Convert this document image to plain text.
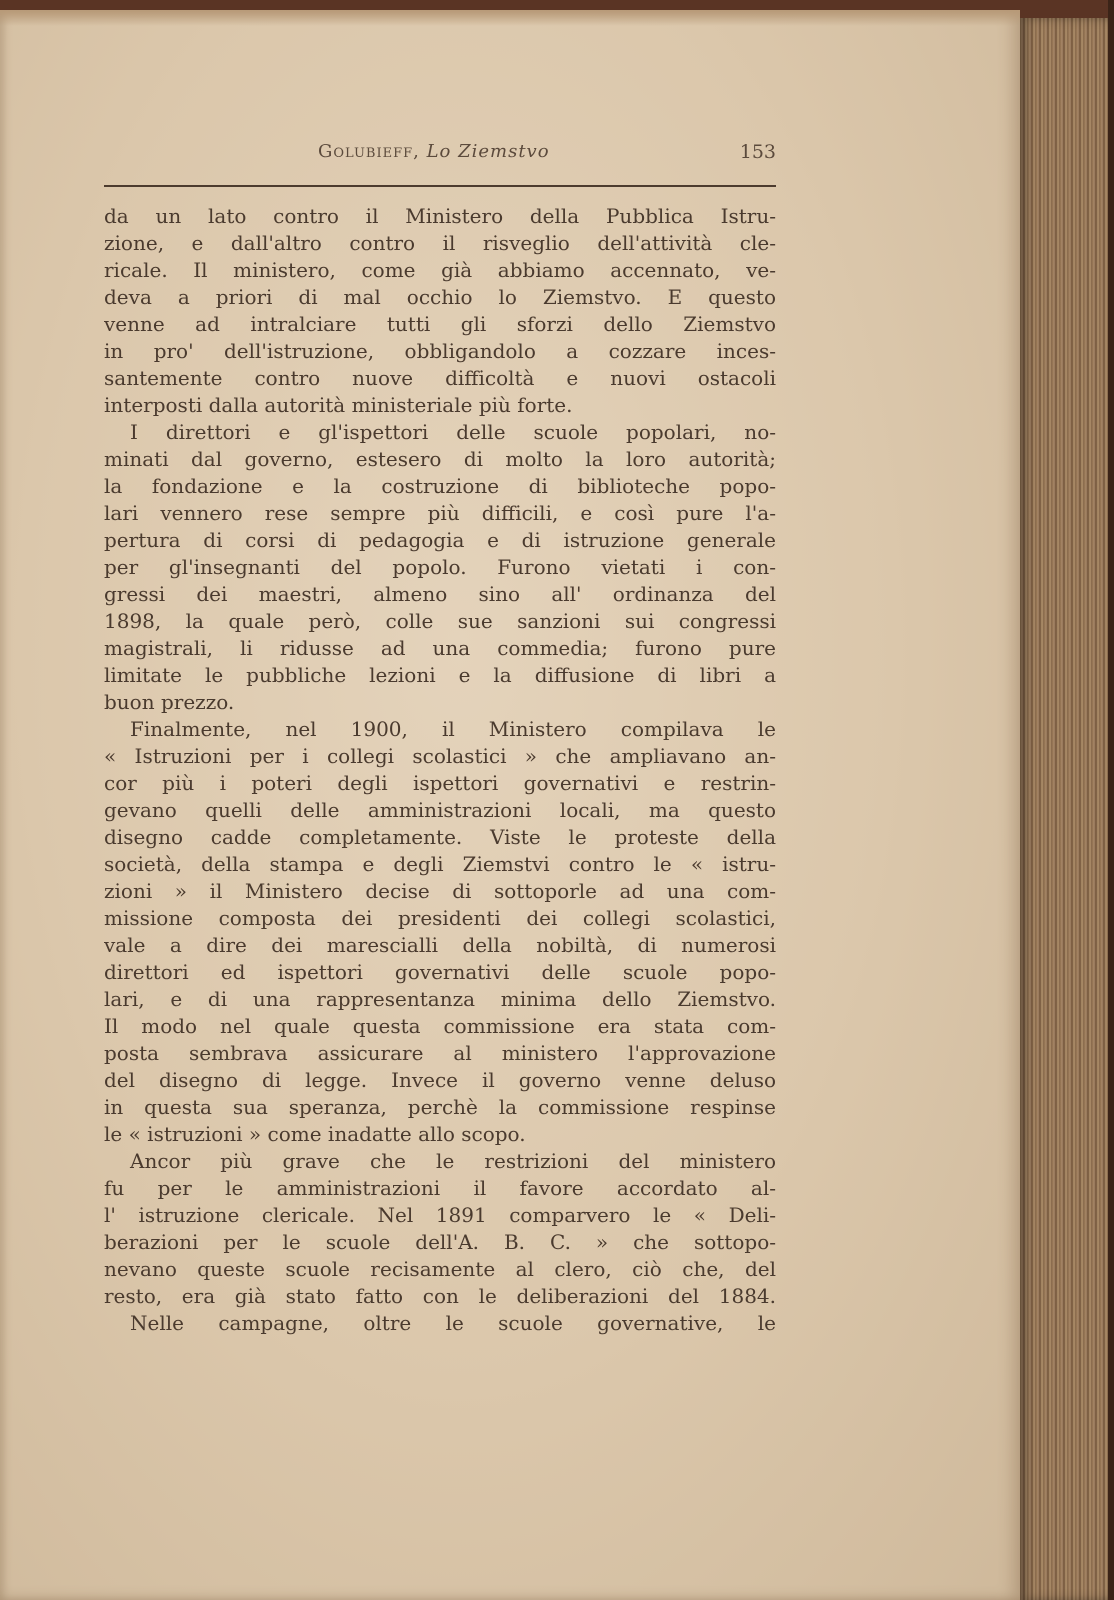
Golubieff, Lo Ziemstvo	153
da un lato contro il Ministero della Pubblica Istru-
zione, e dall'altro contro il risveglio dell'attività cle-
ricale. Il ministero, come già abbiamo accennato, ve-
deva a priori di mal occhio lo Ziemstvo. E questo
venne ad intralciare tutti gli sforzi dello Ziemstvo
in pro' dell'istruzione, obbligandolo a cozzare inces-
santemente contro nuove difficoltà e nuovi ostacoli
interposti dalla autorità ministeriale più forte.
I direttori e gl'ispettori delle scuole popolari, no-
minati dal governo, estesero di molto la loro autorità;
la fondazione e la costruzione di biblioteche popo-
lari vennero rese sempre più difficili, e così pure l'a-
pertura di corsi di pedagogia e di istruzione generale
per gl'insegnanti del popolo. Furono vietati i con-
gressi dei maestri, almeno sino all' ordinanza del
1898, la quale però, colle sue sanzioni sui congressi
magistrali, li ridusse ad una commedia; furono pure
limitate le pubbliche lezioni e la diffusione di libri a
buon prezzo.
Finalmente, nel 1900, il Ministero compilava le
« Istruzioni per i collegi scolastici » che ampliavano an-
cor più i poteri degli ispettori governativi e restrin-
gevano quelli delle amministrazioni locali, ma questo
disegno cadde completamente. Viste le proteste della
società, della stampa e degli Ziemstvi contro le « istru-
zioni » il Ministero decise di sottoporle ad una com-
missione composta dei presidenti dei collegi scolastici,
vale a dire dei marescialli della nobiltà, di numerosi
direttori ed ispettori governativi delle scuole popo-
lari, e di una rappresentanza minima dello Ziemstvo.
Il modo nel quale questa commissione era stata com-
posta sembrava assicurare al ministero l'approvazione
del disegno di legge. Invece il governo venne deluso
in questa sua speranza, perchè la commissione respinse
le « istruzioni » come inadatte allo scopo.
Ancor più grave che le restrizioni del ministero
fu per le amministrazioni il favore accordato al-
l' istruzione clericale. Nel 1891 comparvero le « Deli-
berazioni per le scuole dell'A. B. C. » che sottopo-
nevano queste scuole recisamente al clero, ciò che, del
resto, era già stato fatto con le deliberazioni del 1884.
Nelle campagne, oltre le scuole governative, le
